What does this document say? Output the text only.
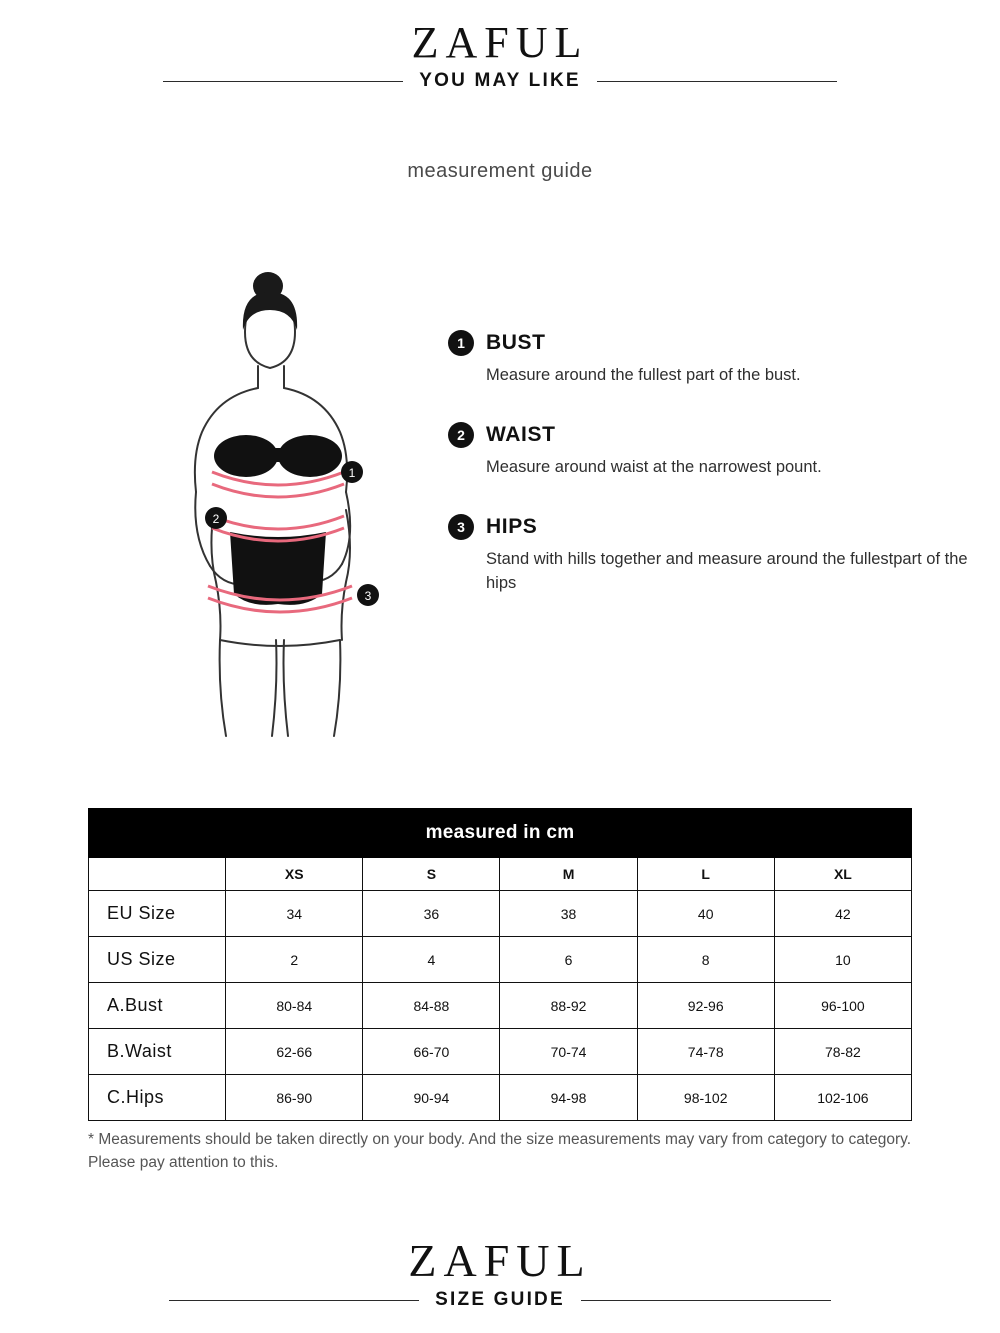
ZAFUL
YOU MAY LIKE
measurement guide
1
2
3
1	BUST
Measure around the fullest part of the bust.
2	WAIST
Measure around waist at the narrowest pount.
3	HIPS
Stand with hills together and measure around the fullestpart of the hips
measured in cm					
	XS	S	M	L	XL
EU Size	34	36	38	40	42
US Size	2	4	6	8	10
A.Bust	80-84	84-88	88-92	92-96	96-100
B.Waist	62-66	66-70	70-74	74-78	78-82
C.Hips	86-90	90-94	94-98	98-102	102-106
* Measurements should be taken directly on your body. And the size measurements may vary from category to category. Please pay attention to this.
ZAFUL
SIZE GUIDE
